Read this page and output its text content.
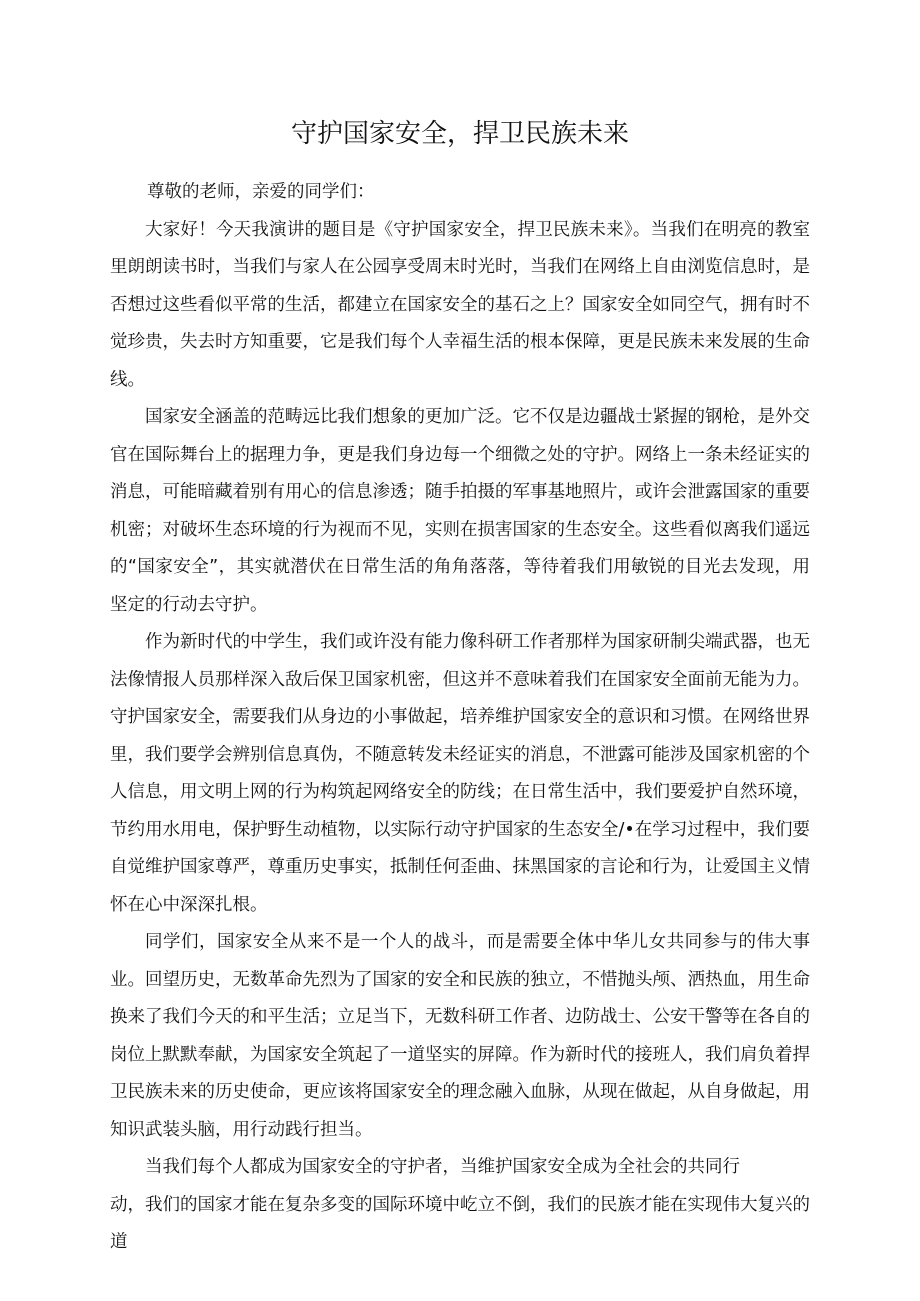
守护国家安全，捍卫民族未来

尊敬的老师，亲爱的同学们：

大家好！今天我演讲的题目是《守护国家安全，捍卫民族未来》。当我们在明亮的教室里朗朗读书时，当我们与家人在公园享受周末时光时，当我们在网络上自由浏览信息时，是否想过这些看似平常的生活，都建立在国家安全的基石之上？国家安全如同空气，拥有时不觉珍贵，失去时方知重要，它是我们每个人幸福生活的根本保障，更是民族未来发展的生命线。

国家安全涵盖的范畴远比我们想象的更加广泛。它不仅是边疆战士紧握的钢枪，是外交官在国际舞台上的据理力争，更是我们身边每一个细微之处的守护。网络上一条未经证实的消息，可能暗藏着别有用心的信息渗透；随手拍摄的军事基地照片，或许会泄露国家的重要机密；对破坏生态环境的行为视而不见，实则在损害国家的生态安全。这些看似离我们遥远的“国家安全”，其实就潜伏在日常生活的角角落落，等待着我们用敏锐的目光去发现，用坚定的行动去守护。

作为新时代的中学生，我们或许没有能力像科研工作者那样为国家研制尖端武器，也无法像情报人员那样深入敌后保卫国家机密，但这并不意味着我们在国家安全面前无能为力。守护国家安全，需要我们从身边的小事做起，培养维护国家安全的意识和习惯。在网络世界里，我们要学会辨别信息真伪，不随意转发未经证实的消息，不泄露可能涉及国家机密的个人信息，用文明上网的行为构筑起网络安全的防线；在日常生活中，我们要爱护自然环境，节约用水用电，保护野生动植物，以实际行动守护国家的生态安全/•在学习过程中，我们要自觉维护国家尊严，尊重历史事实，抵制任何歪曲、抹黑国家的言论和行为，让爱国主义情怀在心中深深扎根。

同学们，国家安全从来不是一个人的战斗，而是需要全体中华儿女共同参与的伟大事业。回望历史，无数革命先烈为了国家的安全和民族的独立，不惜抛头颅、洒热血，用生命换来了我们今天的和平生活；立足当下，无数科研工作者、边防战士、公安干警等在各自的岗位上默默奉献，为国家安全筑起了一道坚实的屏障。作为新时代的接班人，我们肩负着捍卫民族未来的历史使命，更应该将国家安全的理念融入血脉，从现在做起，从自身做起，用知识武装头脑，用行动践行担当。

当我们每个人都成为国家安全的守护者，当维护国家安全成为全社会的共同行

动，我们的国家才能在复杂多变的国际环境中屹立不倒，我们的民族才能在实现伟大复兴的道
